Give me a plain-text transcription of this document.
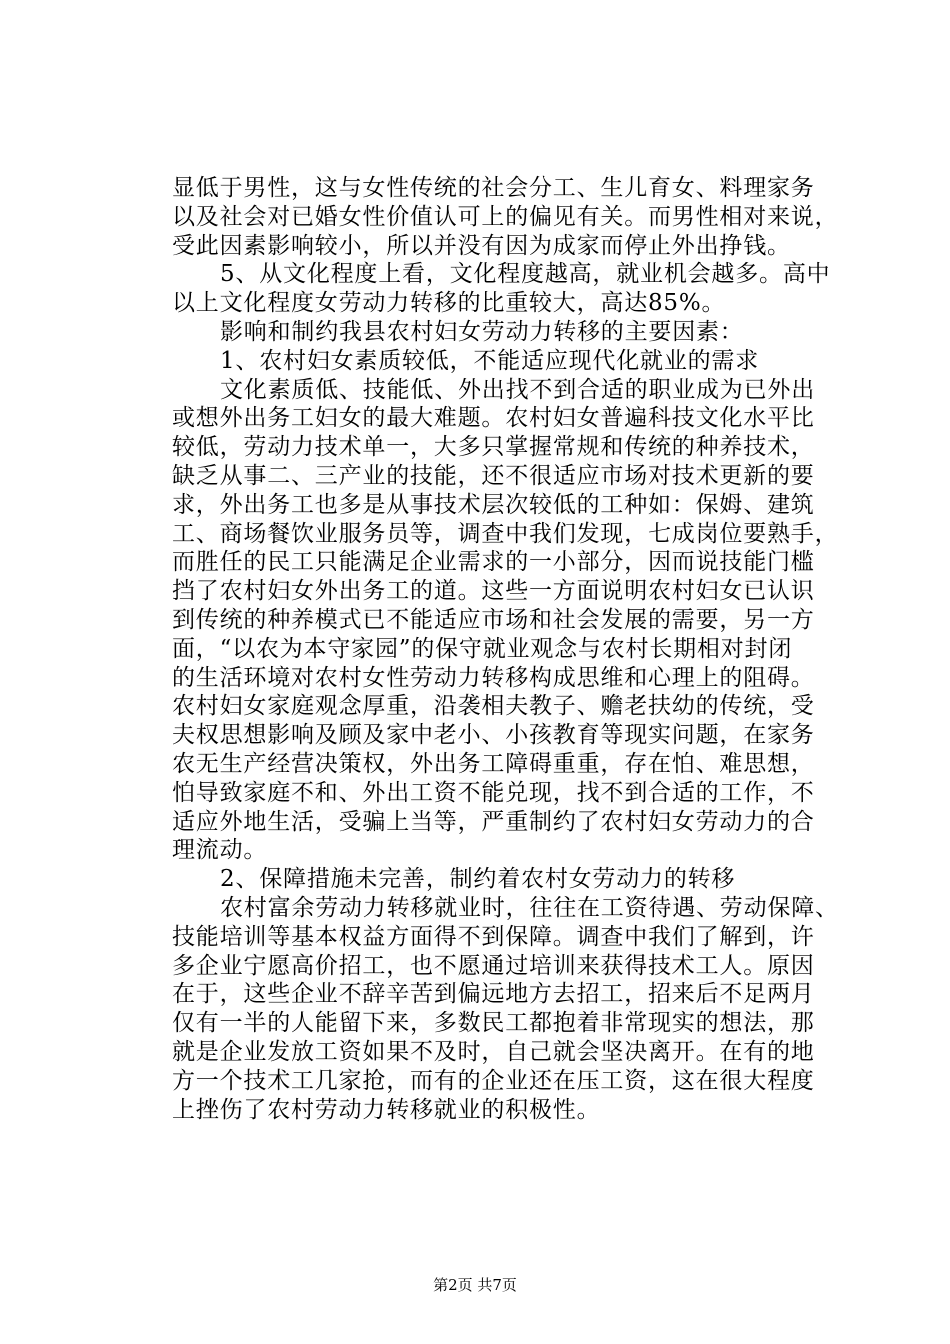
显低于男性，这与女性传统的社会分工、生儿育女、料理家务
以及社会对已婚女性价值认可上的偏见有关。而男性相对来说，
受此因素影响较小，所以并没有因为成家而停止外出挣钱。
5、从文化程度上看，文化程度越高，就业机会越多。高中
以上文化程度女劳动力转移的比重较大，高达85%。
影响和制约我县农村妇女劳动力转移的主要因素：
1、农村妇女素质较低，不能适应现代化就业的需求
文化素质低、技能低、外出找不到合适的职业成为已外出
或想外出务工妇女的最大难题。农村妇女普遍科技文化水平比
较低，劳动力技术单一，大多只掌握常规和传统的种养技术，
缺乏从事二、三产业的技能，还不很适应市场对技术更新的要
求，外出务工也多是从事技术层次较低的工种如：保姆、建筑
工、商场餐饮业服务员等，调查中我们发现，七成岗位要熟手，
而胜任的民工只能满足企业需求的一小部分，因而说技能门槛
挡了农村妇女外出务工的道。这些一方面说明农村妇女已认识
到传统的种养模式已不能适应市场和社会发展的需要，另一方
面，“以农为本守家园”的保守就业观念与农村长期相对封闭
的生活环境对农村女性劳动力转移构成思维和心理上的阻碍。
农村妇女家庭观念厚重，沿袭相夫教子、赡老扶幼的传统，受
夫权思想影响及顾及家中老小、小孩教育等现实问题，在家务
农无生产经营决策权，外出务工障碍重重，存在怕、难思想，
怕导致家庭不和、外出工资不能兑现，找不到合适的工作，不
适应外地生活，受骗上当等，严重制约了农村妇女劳动力的合
理流动。
2、保障措施未完善，制约着农村女劳动力的转移
农村富余劳动力转移就业时，往往在工资待遇、劳动保障、
技能培训等基本权益方面得不到保障。调查中我们了解到，许
多企业宁愿高价招工，也不愿通过培训来获得技术工人。原因
在于，这些企业不辞辛苦到偏远地方去招工，招来后不足两月
仅有一半的人能留下来，多数民工都抱着非常现实的想法，那
就是企业发放工资如果不及时，自己就会坚决离开。在有的地
方一个技术工几家抢，而有的企业还在压工资，这在很大程度
上挫伤了农村劳动力转移就业的积极性。
第2页 共7页
